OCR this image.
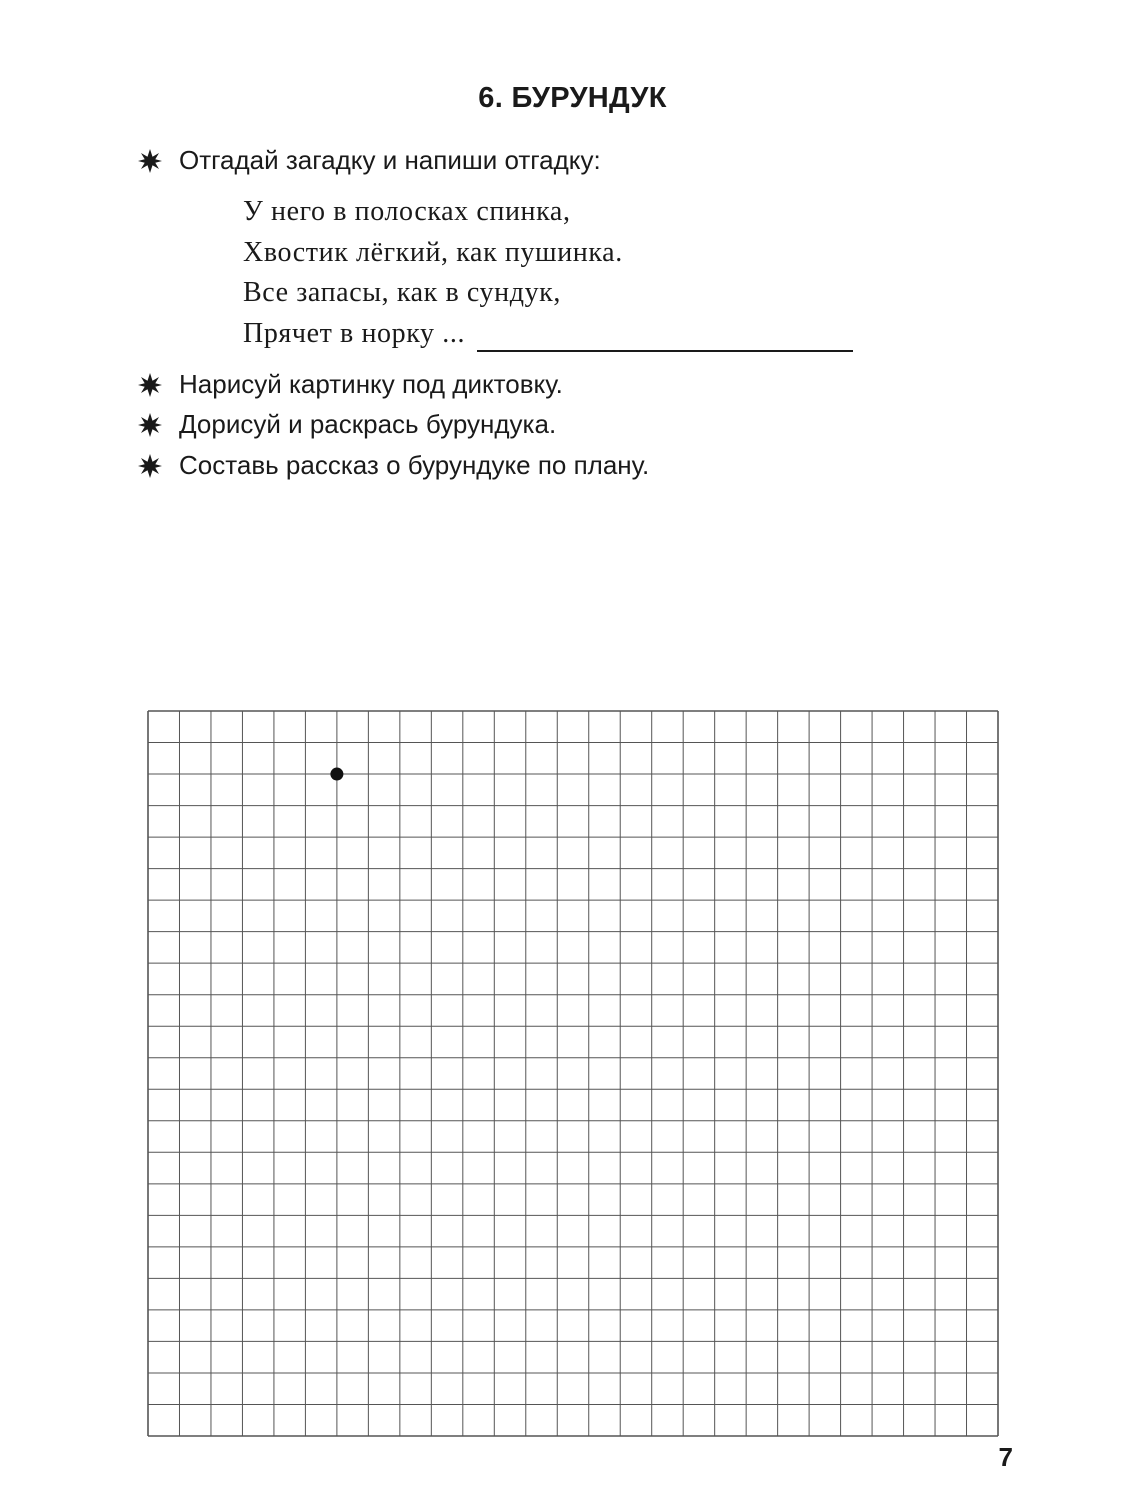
6. БУРУНДУК
Отгадай загадку и напиши отгадку:
У него в полосках спинка,
Хвостик лёгкий, как пушинка.
Все запасы, как в сундук,
Прячет в норку ...
Нарисуй картинку под диктовку.
Дорисуй и раскрась бурундука.
Составь рассказ о бурундуке по плану.
7
